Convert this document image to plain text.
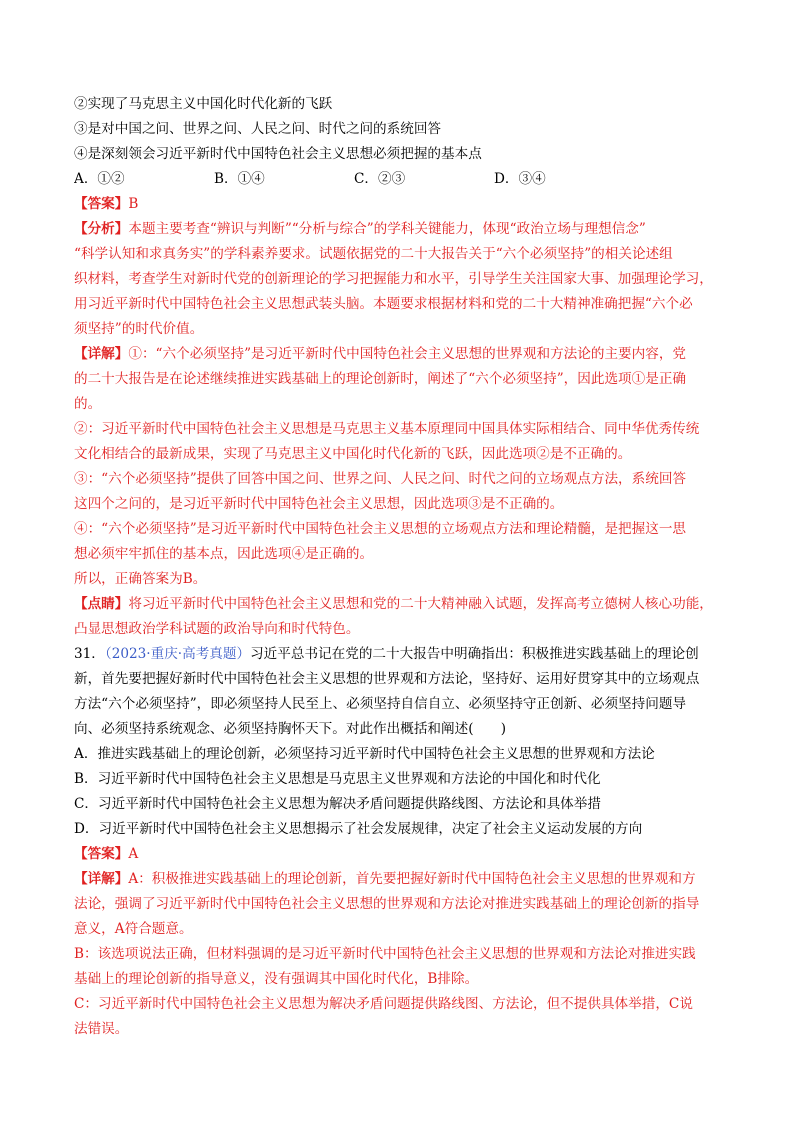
②实现了马克思主义中国化时代化新的飞跃
③是对中国之问、世界之问、人民之问、时代之问的系统回答
④是深刻领会习近平新时代中国特色社会主义思想必须把握的基本点
A．①②	B．①④	C．②③	D．③④
【答案】B
【分析】本题主要考查“辨识与判断”“分析与综合”的学科关键能力，体现“政治立场与理想信念”
“科学认知和求真务实”的学科素养要求。试题依据党的二十大报告关于“六个必须坚持”的相关论述组
织材料，考查学生对新时代党的创新理论的学习把握能力和水平，引导学生关注国家大事、加强理论学习，
用习近平新时代中国特色社会主义思想武装头脑。本题要求根据材料和党的二十大精神准确把握“六个必
须坚持”的时代价值。
【详解】①：“六个必须坚持”是习近平新时代中国特色社会主义思想的世界观和方法论的主要内容，党
的二十大报告是在论述继续推进实践基础上的理论创新时，阐述了“六个必须坚持”，因此选项①是正确
的。
②：习近平新时代中国特色社会主义思想是马克思主义基本原理同中国具体实际相结合、同中华优秀传统
文化相结合的最新成果，实现了马克思主义中国化时代化新的飞跃，因此选项②是不正确的。
③：“六个必须坚持”提供了回答中国之问、世界之问、人民之问、时代之问的立场观点方法，系统回答
这四个之问的，是习近平新时代中国特色社会主义思想，因此选项③是不正确的。
④：“六个必须坚持”是习近平新时代中国特色社会主义思想的立场观点方法和理论精髓，是把握这一思
想必须牢牢抓住的基本点，因此选项④是正确的。
所以，正确答案为B。
【点睛】将习近平新时代中国特色社会主义思想和党的二十大精神融入试题，发挥高考立德树人核心功能，
凸显思想政治学科试题的政治导向和时代特色。
31．（2023·重庆·高考真题）习近平总书记在党的二十大报告中明确指出：积极推进实践基础上的理论创
新，首先要把握好新时代中国特色社会主义思想的世界观和方法论，坚持好、运用好贯穿其中的立场观点
方法“六个必须坚持”，即必须坚持人民至上、必须坚持自信自立、必须坚持守正创新、必须坚持问题导
向、必须坚持系统观念、必须坚持胸怀天下。对此作出概括和阐述(　　)
A．推进实践基础上的理论创新，必须坚持习近平新时代中国特色社会主义思想的世界观和方法论
B．习近平新时代中国特色社会主义思想是马克思主义世界观和方法论的中国化和时代化
C．习近平新时代中国特色社会主义思想为解决矛盾问题提供路线图、方法论和具体举措
D．习近平新时代中国特色社会主义思想揭示了社会发展规律，决定了社会主义运动发展的方向
【答案】A
【详解】A：积极推进实践基础上的理论创新，首先要把握好新时代中国特色社会主义思想的世界观和方
法论，强调了习近平新时代中国特色社会主义思想的世界观和方法论对推进实践基础上的理论创新的指导
意义，A符合题意。
B：该选项说法正确，但材料强调的是习近平新时代中国特色社会主义思想的世界观和方法论对推进实践
基础上的理论创新的指导意义，没有强调其中国化时代化，B排除。
C：习近平新时代中国特色社会主义思想为解决矛盾问题提供路线图、方法论，但不提供具体举措，C说
法错误。
